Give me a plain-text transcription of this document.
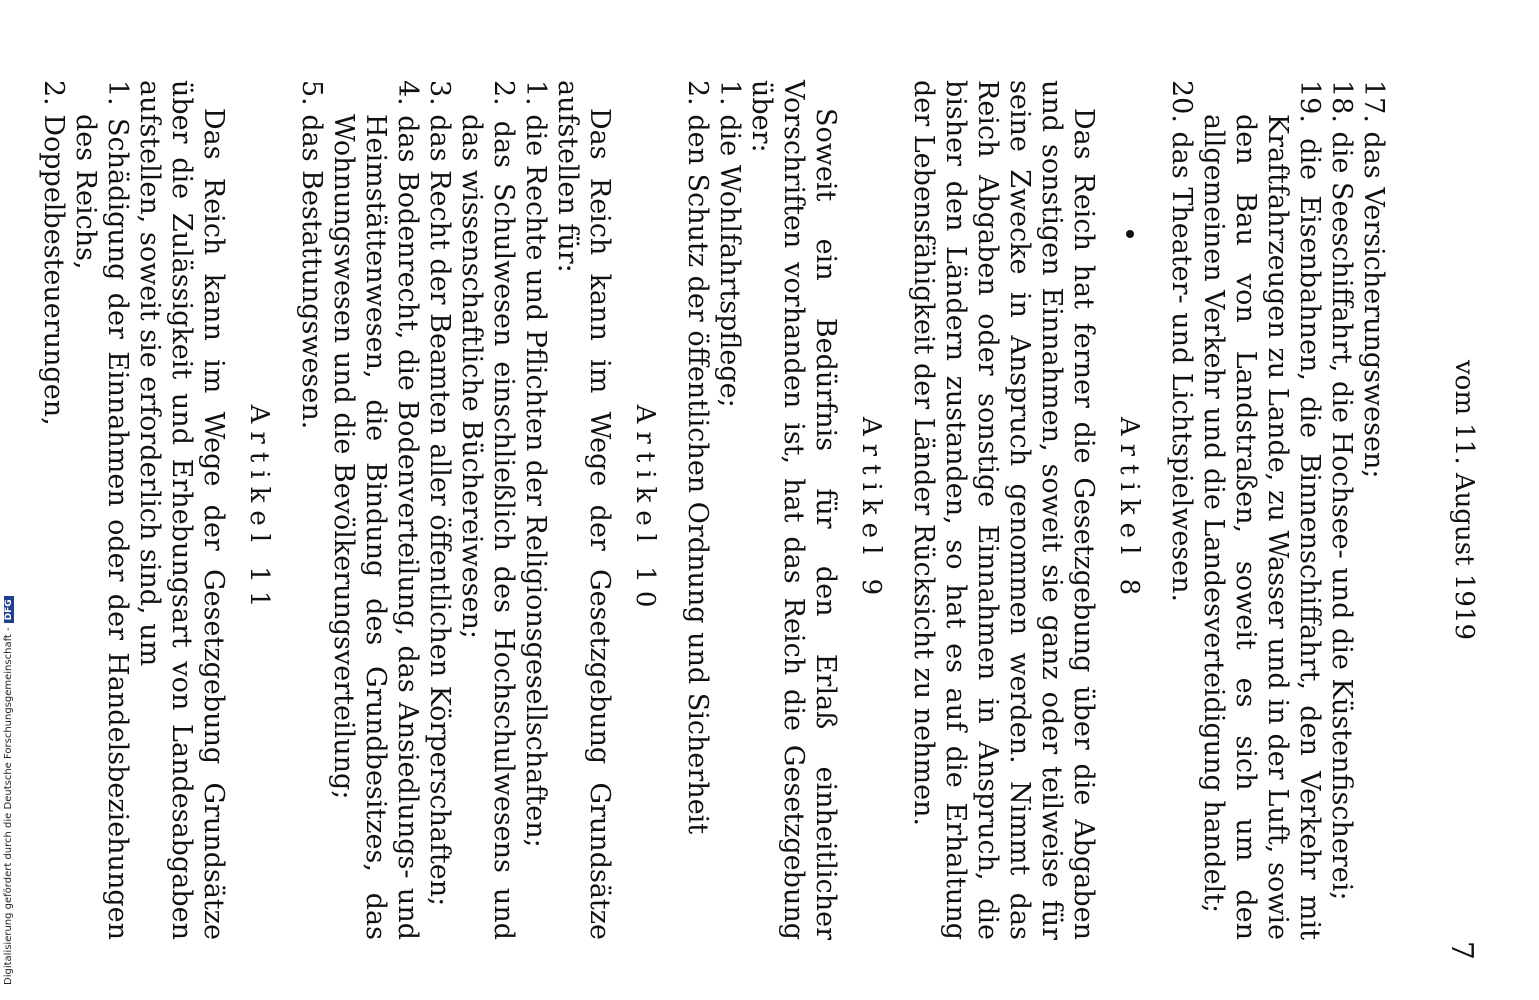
vom 11. August 1919
7
17. das Versicherungswesen;
18. die Seeschiffahrt, die Hochsee- und die Küstenfischerei;
19. die Eisenbahnen, die Binnenschiffahrt, den Verkehr mit Kraftfahrzeugen zu Lande, zu Wasser und in der Luft, sowie den Bau von Landstraßen, soweit es sich um den allgemeinen Verkehr und die Landesverteidigung handelt;
20. das Theater- und Lichtspielwesen.
Artikel 8

Das Reich hat ferner die Gesetzgebung über die Abgaben und sonstigen Einnahmen, soweit sie ganz oder teilweise für seine Zwecke in Anspruch genommen werden. Nimmt das Reich Abgaben oder sonstige Einnahmen in Anspruch, die bisher den Ländern zustanden, so hat es auf die Erhaltung der Lebensfähigkeit der Länder Rücksicht zu nehmen.

Artikel 9

Soweit ein Bedürfnis für den Erlaß einheitlicher Vorschriften vorhanden ist, hat das Reich die Gesetzgebung über:

1. die Wohlfahrtspflege;
2. den Schutz der öffentlichen Ordnung und Sicherheit
Artikel 10

Das Reich kann im Wege der Gesetzgebung Grundsätze aufstellen für:

1. die Rechte und Pflichten der Religionsgesellschaften;
2. das Schulwesen einschließlich des Hochschulwesens und das wissenschaftliche Büchereiwesen;
3. das Recht der Beamten aller öffentlichen Körperschaften;
4. das Bodenrecht, die Bodenverteilung, das Ansiedlungs- und Heimstättenwesen, die Bindung des Grundbesitzes, das Wohnungswesen und die Bevölkerungsverteilung;
5. das Bestattungswesen.
Artikel 11

Das Reich kann im Wege der Gesetzgebung Grundsätze über die Zulässigkeit und Erhebungsart von Landesabgaben aufstellen, soweit sie erforderlich sind, um

1. Schädigung der Einnahmen oder der Handelsbeziehungen des Reichs,
2. Doppelbesteuerungen,
Digitalisierung gefördert durch die Deutsche Forschungsgemeinschaft -DFG
